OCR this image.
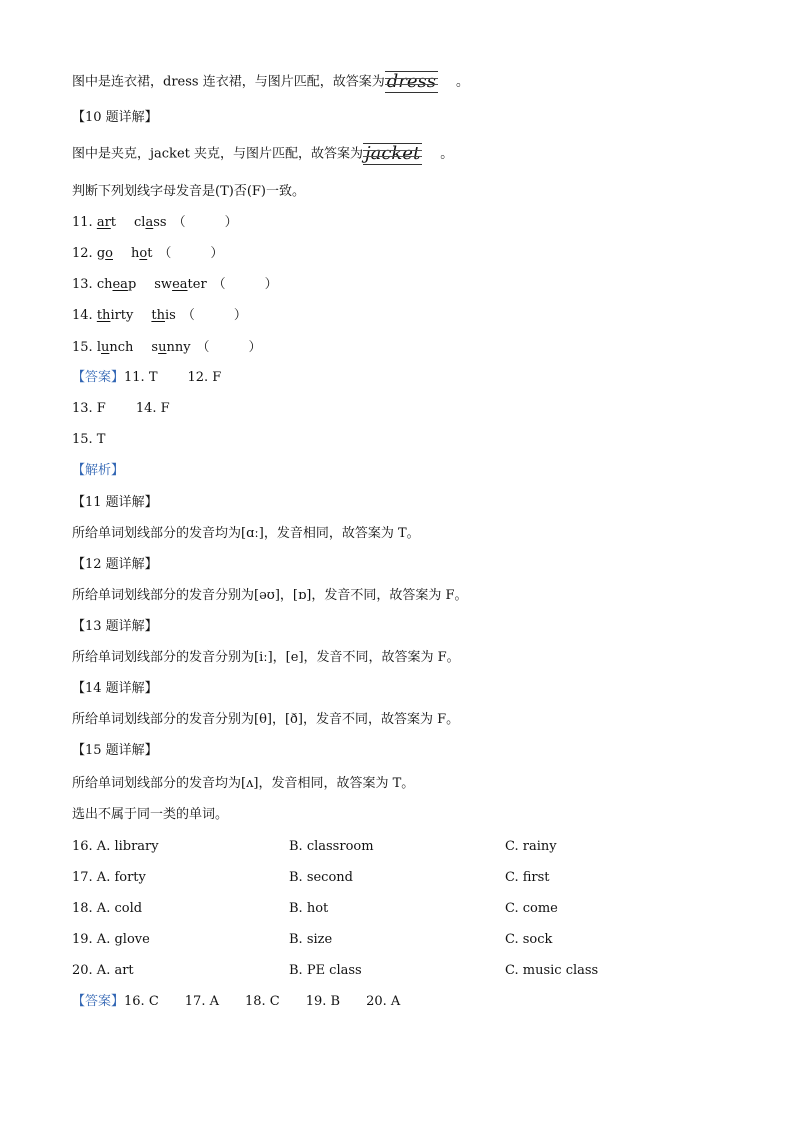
图中是连衣裙，dress 连衣裙，与图片匹配，故答案为 dress 。
【10 题详解】
图中是夹克，jacket 夹克，与图片匹配，故答案为 jacket 。
判断下列划线字母发音是(T)否(F)一致。
11. art class （　　　）
12. go hot （　　　）
13. cheap sweater （　　　）
14. thirty this （　　　）
15. lunch sunny （　　　）
【答案】11. T 12. F
13. F 14. F
15. T
【解析】
【11 题详解】
所给单词划线部分的发音均为[ɑː]，发音相同，故答案为 T。
【12 题详解】
所给单词划线部分的发音分别为[əʊ]，[ɒ]，发音不同，故答案为 F。
【13 题详解】
所给单词划线部分的发音分别为[iː]，[e]，发音不同，故答案为 F。
【14 题详解】
所给单词划线部分的发音分别为[θ]，[ð]，发音不同，故答案为 F。
【15 题详解】
所给单词划线部分的发音均为[ʌ]，发音相同，故答案为 T。
选出不属于同一类的单词。
16. A. library	B. classroom	C. rainy
17. A. forty	B. second	C. first
18. A. cold	B. hot	C. come
19. A. glove	B. size	C. sock
20. A. art	B. PE class	C. music class
【答案】16. C 17. A 18. C 19. B 20. A
